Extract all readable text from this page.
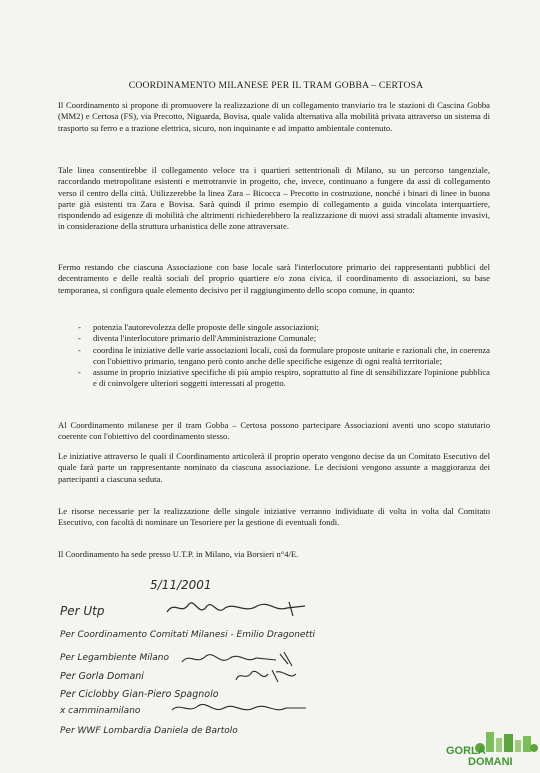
COORDINAMENTO MILANESE PER IL TRAM GOBBA – CERTOSA
Il Coordinamento si propone di promuovere la realizzazione di un collegamento tranviario tra le stazioni di Cascina Gobba (MM2) e Certosa (FS), via Precotto, Niguarda, Bovisa, quale valida alternativa alla mobilità privata attraverso un sistema di trasporto su ferro e a trazione elettrica, sicuro, non inquinante e ad impatto ambientale contenuto.
Tale linea consentirebbe il collegamento veloce tra i quartieri settentrionali di Milano, su un percorso tangenziale, raccordando metropolitane esistenti e metrotranvie in progetto, che, invece, continuano a fungere da assi di collegamento verso il centro della città. Utilizzerebbe la linea Zara – Bicocca – Precotto in costruzione, nonché i binari di linee in buona parte già esistenti tra Zara e Bovisa. Sarà quindi il primo esempio di collegamento a guida vincolata interquartiere, rispondendo ad esigenze di mobilità che altrimenti richiederebbero la realizzazione di nuovi assi stradali altamente invasivi, in considerazione della struttura urbanistica delle zone attraversate.
Fermo restando che ciascuna Associazione con base locale sarà l'interlocutore primario dei rappresentanti pubblici del decentramento e delle realtà sociali del proprio quartiere e/o zona civica, il coordinamento di associazioni, su base temporanea, si configura quale elemento decisivo per il raggiungimento dello scopo comune, in quanto:
- potenzia l'autorevolezza delle proposte delle singole associazioni;
- diventa l'interlocutore primario dell'Amministrazione Comunale;
- coordina le iniziative delle varie associazioni locali, così da formulare proposte unitarie e razionali che, in coerenza con l'obiettivo primario, tengano però conto anche delle specifiche esigenze di ogni realtà territoriale;
- assume in proprio iniziative specifiche di più ampio respiro, soprattutto al fine di sensibilizzare l'opinione pubblica e di coinvolgere ulteriori soggetti interessati al progetto.
Al Coordinamento milanese per il tram Gobba – Certosa possono partecipare Associazioni aventi uno scopo statutario coerente con l'obiettivo del coordinamento stesso.
Le iniziative attraverso le quali il Coordinamento articolerà il proprio operato vengono decise da un Comitato Esecutivo del quale farà parte un rappresentante nominato da ciascuna associazione. Le decisioni vengono assunte a maggioranza dei partecipanti a ciascuna seduta.
Le risorse necessarie per la realizzazione delle singole iniziative verranno individuate di volta in volta dal Comitato Esecutivo, con facoltà di nominare un Tesoriere per la gestione di eventuali fondi.
Il Coordinamento ha sede presso U.T.P. in Milano, via Borsieri n°4/E.
5/11/2001
Per Utp
Per Coordinamento Comitati Milanesi - Emilio Dragonetti
Per Legambiente Milano
Per Gorla Domani
Per Ciclobby Gian-Piero Spagnolo
x camminamilano
Per WWF Lombardia Daniela de Bartolo
GORLA
DOMANI
